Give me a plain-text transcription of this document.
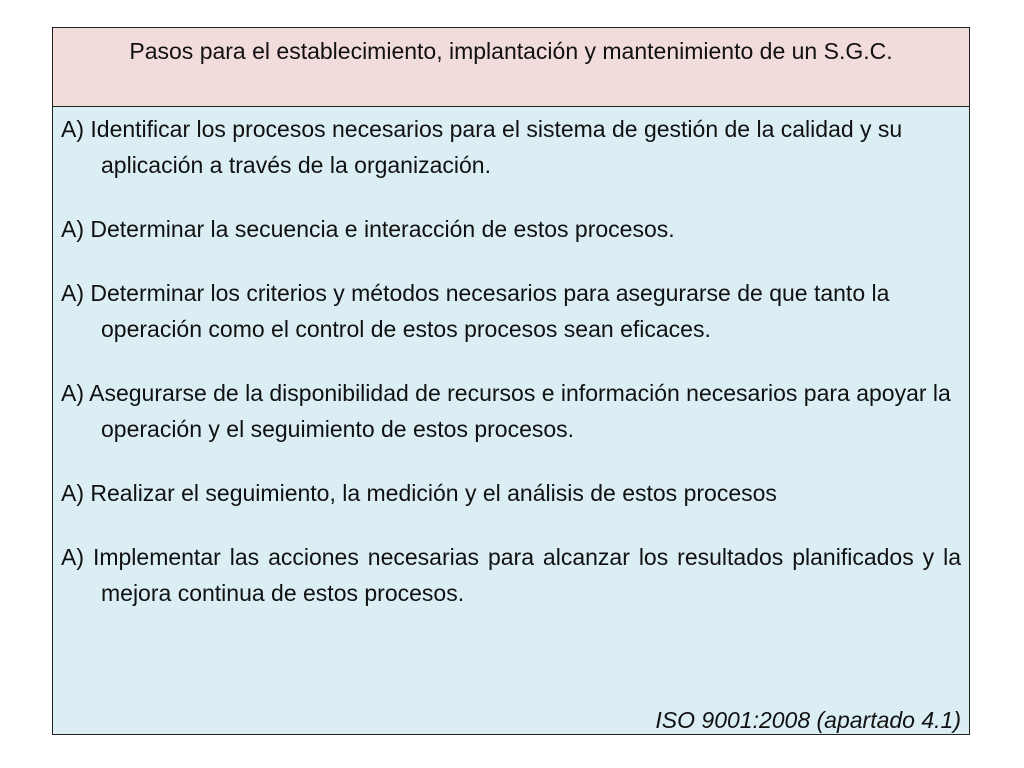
Pasos para el establecimiento, implantación y mantenimiento de un S.G.C.
A) Identificar los procesos necesarios para el sistema de gestión de la calidad y su aplicación a través de la organización.
A) Determinar la secuencia e interacción de estos procesos.
A) Determinar los criterios y métodos necesarios para asegurarse de que tanto la operación como el control de estos procesos sean eficaces.
A) Asegurarse de la disponibilidad de recursos e información necesarios para apoyar la operación y el seguimiento de estos procesos.
A) Realizar el seguimiento, la medición y el análisis de estos procesos
A) Implementar las acciones necesarias para alcanzar los resultados planificados y la mejora continua de estos procesos.
ISO 9001:2008 (apartado 4.1)
